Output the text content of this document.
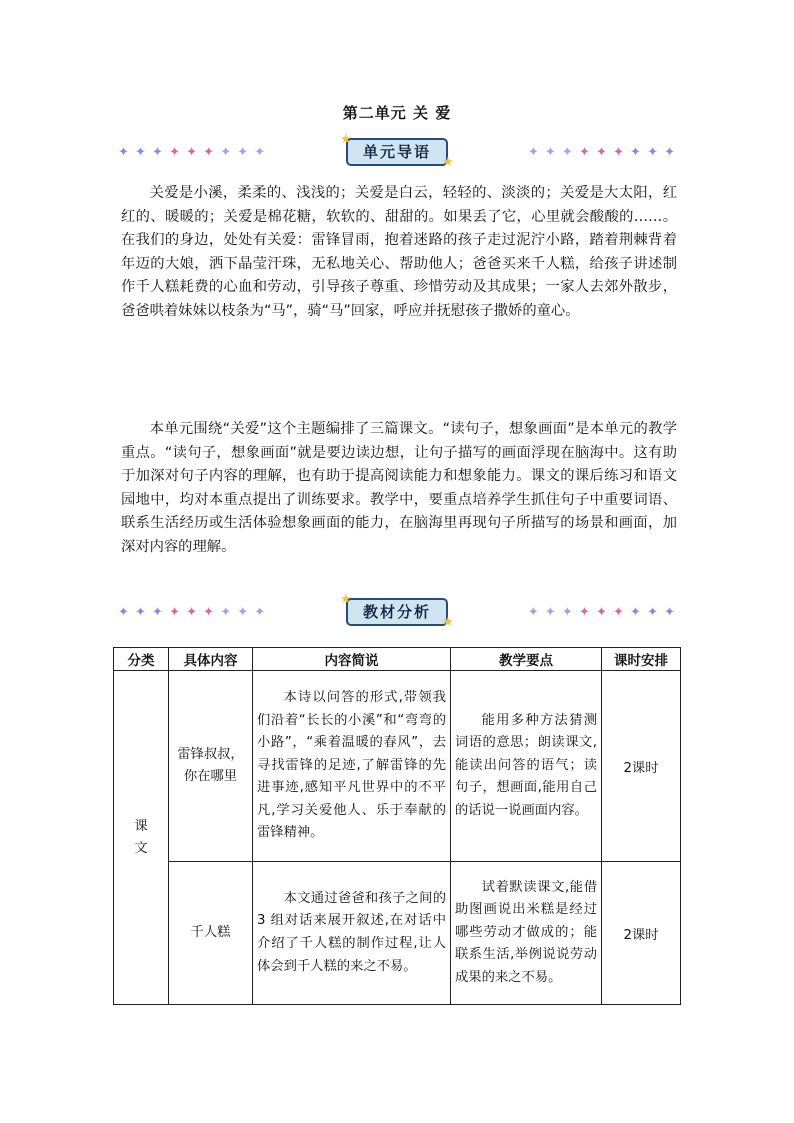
第二单元 关 爱
✦ ✦ ✦ ✦ ✦ ✦ ✦ ✦ ✦	单元导语
★
★
✦ ✦ ✦ ✦ ✦ ✦ ✦ ✦ ✦

关爱是小溪，柔柔的、浅浅的；关爱是白云，轻轻的、淡淡的；关爱是大太阳，红红的、暖暖的；关爱是棉花糖，软软的、甜甜的。如果丢了它，心里就会酸酸的……。在我们的身边，处处有关爱：雷锋冒雨，抱着迷路的孩子走过泥泞小路，踏着荆棘背着年迈的大娘，洒下晶莹汗珠，无私地关心、帮助他人；爸爸买来千人糕，给孩子讲述制作千人糕耗费的心血和劳动，引导孩子尊重、珍惜劳动及其成果；一家人去郊外散步，爸爸哄着妹妹以枝条为“马”，骑“马”回家，呼应并抚慰孩子撒娇的童心。

本单元围绕“关爱”这个主题编排了三篇课文。“读句子，想象画面”是本单元的教学重点。“读句子，想象画面”就是要边读边想，让句子描写的画面浮现在脑海中。这有助于加深对句子内容的理解，也有助于提高阅读能力和想象能力。课文的课后练习和语文园地中，均对本重点提出了训练要求。教学中，要重点培养学生抓住句子中重要词语、联系生活经历或生活体验想象画面的能力，在脑海里再现句子所描写的场景和画面，加深对内容的理解。

✦ ✦ ✦ ✦ ✦ ✦ ✦ ✦ ✦	教材分析
★
★
✦ ✦ ✦ ✦ ✦ ✦ ✦ ✦ ✦
分类	具体内容	内容简说	教学要点	课时安排

课
文	雷锋叔叔，你在哪里	本诗以问答的形式,带领我们沿着“长长的小溪”和“弯弯的小路”，“乘着温暖的春风”，去寻找雷锋的足迹,了解雷锋的先进事迹,感知平凡世界中的不平凡,学习关爱他人、乐于奉献的雷锋精神。	能用多种方法猜测词语的意思；朗读课文,能读出问答的语气；读句子，想画面,能用自己的话说一说画面内容。	2课时
	千人糕	本文通过爸爸和孩子之间的 3 组对话来展开叙述,在对话中介绍了千人糕的制作过程,让人体会到千人糕的来之不易。	试着默读课文,能借助图画说出米糕是经过哪些劳动才做成的；能联系生活,举例说说劳动成果的来之不易。	2课时
